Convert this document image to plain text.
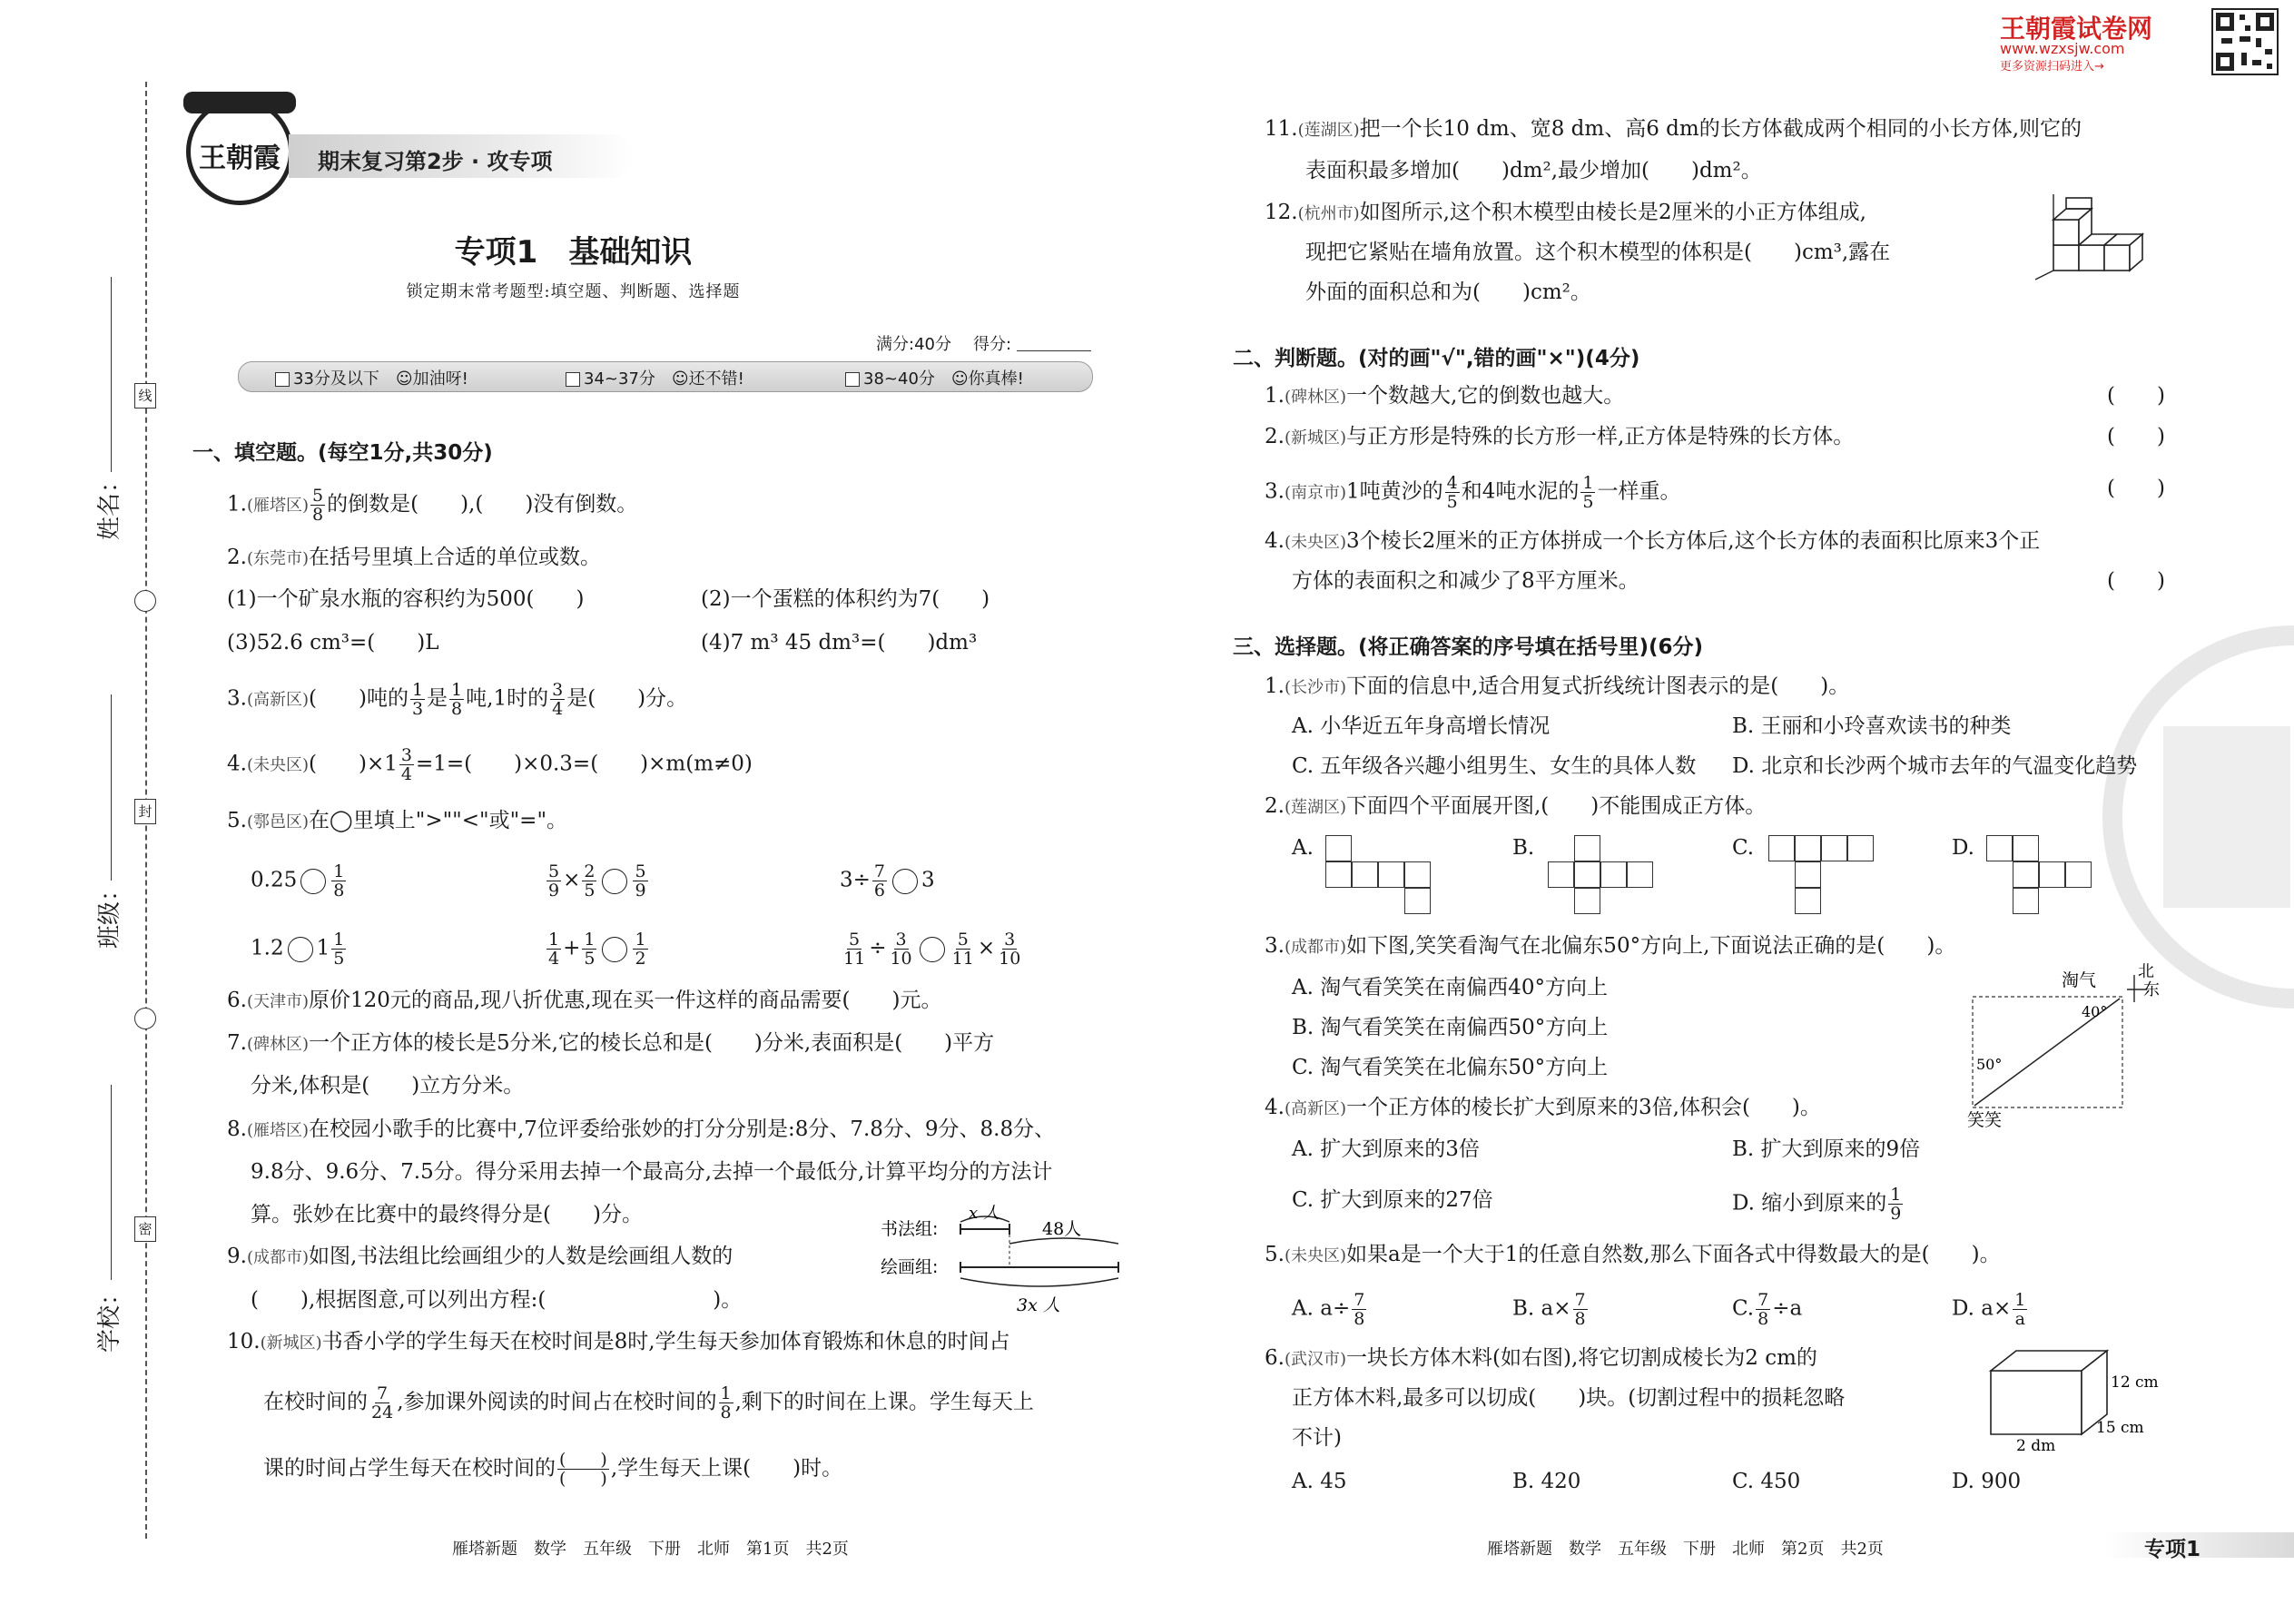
线
封
密
姓名：
班级：
学校：
王朝霞 期末复习第2步 · 攻专项
专项1　基础知识
锁定期末常考题型:填空题、判断题、选择题
满分:40分 得分:
33分及以下 ☺加油呀!	34~37分 ☺还不错!	38~40分 ☺你真棒!
一、填空题。(每空1分,共30分)
1.(雁塔区) $\frac{5}{8}$ 的倒数是(　　),(　　)没有倒数。
2.(东莞市)在括号里填上合适的单位或数。
(1)一个矿泉水瓶的容积约为500(　　)	(2)一个蛋糕的体积约为7(　　)
(3)52.6 cm³=(　　)L	(4)7 m³ 45 dm³=(　　)dm³
3.(高新区)(　　)吨的 $\frac{1}{3}$ 是 $\frac{1}{8}$ 吨,1时的 $\frac{3}{4}$ 是(　　)分。
4.(未央区)(　　)$\times 1 \frac{3}{4} =1=$(　　)×0.3=(　　)×m(m≠0)
5.(鄠邑区)在◯里填上">""<"或"="。
$0.25 \frac{1}{8}$	$\frac{5}{9} \times \frac{2}{5} \frac{5}{9}$	$3\div \frac{7}{6} 3$
1.2 $1 \frac{1}{5}$	$\frac{1}{4} + \frac{1}{5} \frac{1}{2}$	$\frac{5}{11} \div \frac{3}{10} \frac{5}{11} \times \frac{3}{10}$
6.(天津市)原价120元的商品,现八折优惠,现在买一件这样的商品需要(　　)元。
7.(碑林区)一个正方体的棱长是5分米,它的棱长总和是(　　)分米,表面积是(　　)平方
分米,体积是(　　)立方分米。
8.(雁塔区)在校园小歌手的比赛中,7位评委给张妙的打分分别是:8分、7.8分、9分、8.8分、
9.8分、9.6分、7.5分。得分采用去掉一个最高分,去掉一个最低分,计算平均分的方法计
算。张妙在比赛中的最终得分是(　　)分。
9.(成都市)如图,书法组比绘画组少的人数是绘画组人数的
(　　),根据图意,可以列出方程:(　　　　　　　　)。
书法组:
绘画组:
x 人
48人
3x 人
10.(新城区)书香小学的学生每天在校时间是8时,学生每天参加体育锻炼和休息的时间占
在校时间的 $\frac{7}{24}$ ,参加课外阅读的时间占在校时间的 $\frac{1}{8}$ ,剩下的时间在上课。学生每天上
课的时间占学生每天在校时间的 $\frac{( )}{( )}$ ,学生每天上课(　　)时。
雁塔新题　数学　五年级　下册　北师　第1页　共2页
王朝霞试卷网
www.wzxsjw.com
更多资源扫码进入→
11.(莲湖区)把一个长10 dm、宽8 dm、高6 dm的长方体截成两个相同的小长方体,则它的
表面积最多增加(　　)dm²,最少增加(　　)dm²。
12.(杭州市)如图所示,这个积木模型由棱长是2厘米的小正方体组成,
现把它紧贴在墙角放置。这个积木模型的体积是(　　)cm³,露在
外面的面积总和为(　　)cm²。
二、判断题。(对的画"√",错的画"×")(4分)
1.(碑林区)一个数越大,它的倒数也越大。	(　　)
2.(新城区)与正方形是特殊的长方形一样,正方体是特殊的长方体。	(　　)
3.(南京市)1吨黄沙的 $\frac{4}{5}$ 和4吨水泥的 $\frac{1}{5}$ 一样重。	(　　)
4.(未央区)3个棱长2厘米的正方体拼成一个长方体后,这个长方体的表面积比原来3个正
方体的表面积之和减少了8平方厘米。	(　　)
三、选择题。(将正确答案的序号填在括号里)(6分)
1.(长沙市)下面的信息中,适合用复式折线统计图表示的是(　　)。
A. 小华近五年身高增长情况	B. 王丽和小玲喜欢读书的种类
C. 五年级各兴趣小组男生、女生的具体人数 D. 北京和长沙两个城市去年的气温变化趋势
2.(莲湖区)下面四个平面展开图,(　　)不能围成正方体。
A.	B.	C.	D.
3.(成都市)如下图,笑笑看淘气在北偏东50°方向上,下面说法正确的是(　　)。
A. 淘气看笑笑在南偏西40°方向上
B. 淘气看笑笑在南偏西50°方向上
C. 淘气看笑笑在北偏东50°方向上
淘气
40°
50°
笑笑
北
东
4.(高新区)一个正方体的棱长扩大到原来的3倍,体积会(　　)。
A. 扩大到原来的3倍	B. 扩大到原来的9倍
C. 扩大到原来的27倍	D. 缩小到原来的 $\frac{1}{9}$
5.(未央区)如果a是一个大于1的任意自然数,那么下面各式中得数最大的是(　　)。
A. $a\div \frac{7}{8}$	B. $a\times \frac{7}{8}$	C. $\frac{7}{8} \div a$	D. $a\times \frac{1}{a}$
6.(武汉市)一块长方体木料(如右图),将它切割成棱长为2 cm的
正方体木料,最多可以切成(　　)块。(切割过程中的损耗忽略
不计)
12 cm
15 cm
2 dm
A. 45	B. 420	C. 450	D. 900
雁塔新题　数学　五年级　下册　北师　第2页　共2页	专项1
